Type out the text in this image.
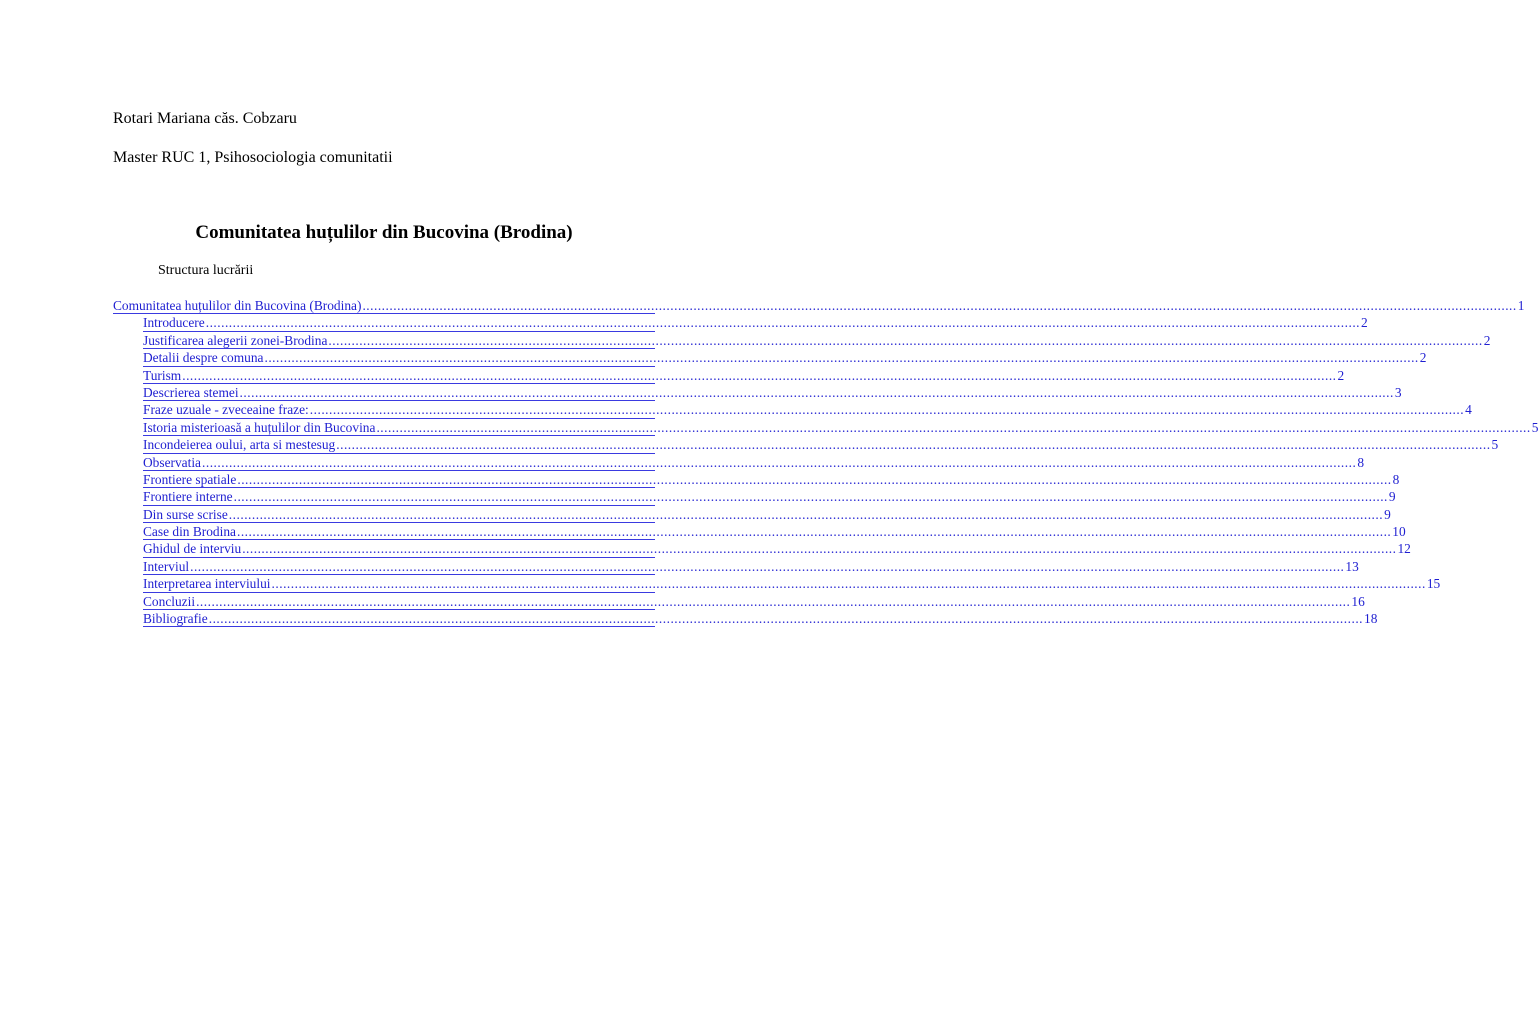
Rotari Mariana căs. Cobzaru
Master RUC 1, Psihosociologia comunitatii
Comunitatea huțulilor din Bucovina (Brodina)
Structura lucrării
Comunitatea huțulilor din Bucovina (Brodina) ............................................................................................................................................................................................................................................................................................................ 1
Introducere ............................................................................................................................................................................................................................................................................................................ 2
Justificarea alegerii zonei-Brodina ............................................................................................................................................................................................................................................................................................................ 2
Detalii despre comuna ............................................................................................................................................................................................................................................................................................................ 2
Turism ............................................................................................................................................................................................................................................................................................................ 2
Descrierea stemei ............................................................................................................................................................................................................................................................................................................ 3
Fraze uzuale - zveceaine fraze: ............................................................................................................................................................................................................................................................................................................ 4
Istoria misterioasă a huțulilor din Bucovina ............................................................................................................................................................................................................................................................................................................ 5
Incondeierea oului, arta si mestesug ............................................................................................................................................................................................................................................................................................................ 5
Observatia ............................................................................................................................................................................................................................................................................................................ 8
Frontiere spatiale ............................................................................................................................................................................................................................................................................................................ 8
Frontiere interne ............................................................................................................................................................................................................................................................................................................ 9
Din surse scrise ............................................................................................................................................................................................................................................................................................................ 9
Case din Brodina ............................................................................................................................................................................................................................................................................................................ 10
Ghidul de interviu ............................................................................................................................................................................................................................................................................................................ 12
Interviul ............................................................................................................................................................................................................................................................................................................ 13
Interpretarea interviului ............................................................................................................................................................................................................................................................................................................ 15
Concluzii ............................................................................................................................................................................................................................................................................................................ 16
Bibliografie ............................................................................................................................................................................................................................................................................................................ 18
